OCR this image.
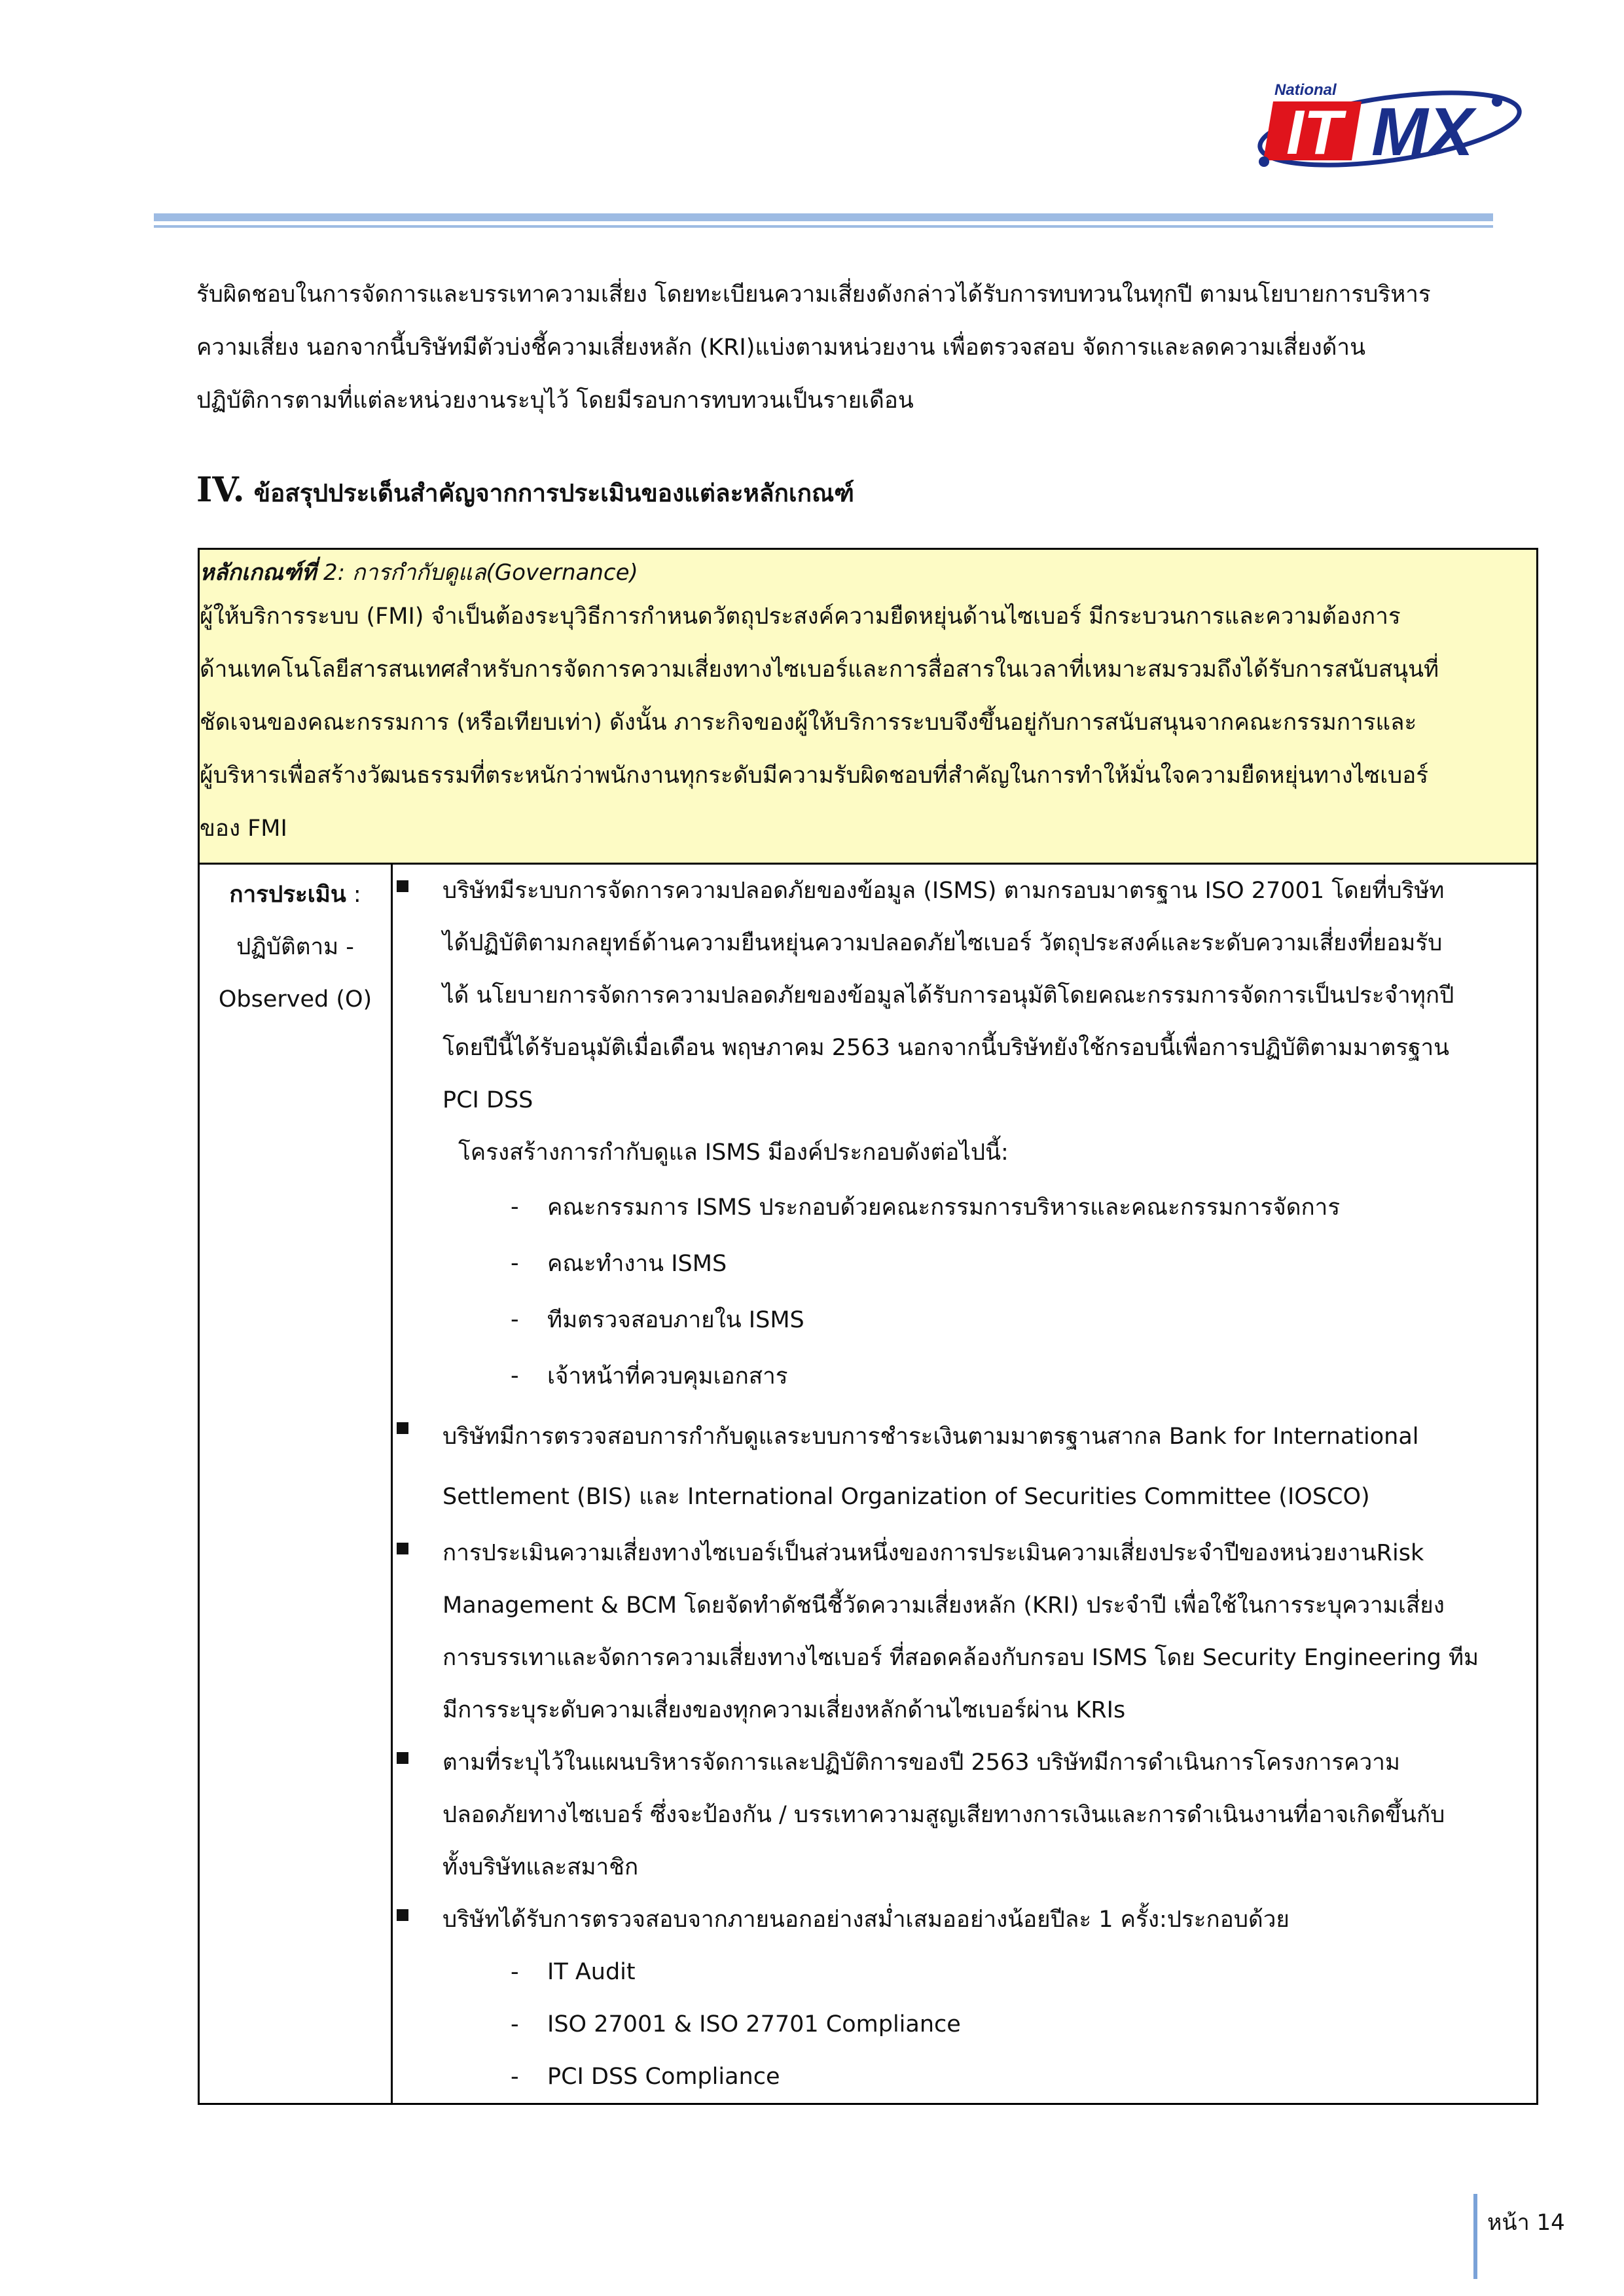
IT MX
National
รับผิดชอบในการจัดการและบรรเทาความเสี่ยง โดยทะเบียนความเสี่ยงดังกล่าวได้รับการทบทวนในทุกปี ตามนโยบายการบริหาร
ความเสี่ยง นอกจากนี้บริษัทมีตัวบ่งชี้ความเสี่ยงหลัก (KRI)แบ่งตามหน่วยงาน เพื่อตรวจสอบ จัดการและลดความเสี่ยงด้าน
ปฏิบัติการตามที่แต่ละหน่วยงานระบุไว้ โดยมีรอบการทบทวนเป็นรายเดือน
IV. ข้อสรุปประเด็นสำคัญจากการประเมินของแต่ละหลักเกณฑ์
หลักเกณฑ์ที่ 2: การกำกับดูแล(Governance)
ผู้ให้บริการระบบ (FMI) จำเป็นต้องระบุวิธีการกำหนดวัตถุประสงค์ความยืดหยุ่นด้านไซเบอร์ มีกระบวนการและความต้องการ
ด้านเทคโนโลยีสารสนเทศสำหรับการจัดการความเสี่ยงทางไซเบอร์และการสื่อสารในเวลาที่เหมาะสมรวมถึงได้รับการสนับสนุนที่
ชัดเจนของคณะกรรมการ (หรือเทียบเท่า) ดังนั้น ภาระกิจของผู้ให้บริการระบบจึงขึ้นอยู่กับการสนับสนุนจากคณะกรรมการและ
ผู้บริหารเพื่อสร้างวัฒนธรรมที่ตระหนักว่าพนักงานทุกระดับมีความรับผิดชอบที่สำคัญในการทำให้มั่นใจความยืดหยุ่นทางไซเบอร์
ของ FMI

การประเมิน :
ปฏิบัติตาม -
Observed (O)

บริษัทมีระบบการจัดการความปลอดภัยของข้อมูล (ISMS) ตามกรอบมาตรฐาน ISO 27001 โดยที่บริษัท
ได้ปฏิบัติตามกลยุทธ์ด้านความยืนหยุ่นความปลอดภัยไซเบอร์ วัตถุประสงค์และระดับความเสี่ยงที่ยอมรับ
ได้ นโยบายการจัดการความปลอดภัยของข้อมูลได้รับการอนุมัติโดยคณะกรรมการจัดการเป็นประจำทุกปี
โดยปีนี้ได้รับอนุมัติเมื่อเดือน พฤษภาคม 2563 นอกจากนี้บริษัทยังใช้กรอบนี้เพื่อการปฏิบัติตามมาตรฐาน
PCI DSS
โครงสร้างการกำกับดูแล ISMS มีองค์ประกอบดังต่อไปนี้:
-	คณะกรรมการ ISMS ประกอบด้วยคณะกรรมการบริหารและคณะกรรมการจัดการ
-	คณะทำงาน ISMS
-	ทีมตรวจสอบภายใน ISMS
-	เจ้าหน้าที่ควบคุมเอกสาร
บริษัทมีการตรวจสอบการกำกับดูแลระบบการชำระเงินตามมาตรฐานสากล Bank for International
Settlement (BIS) และ International Organization of Securities Committee (IOSCO)
การประเมินความเสี่ยงทางไซเบอร์เป็นส่วนหนึ่งของการประเมินความเสี่ยงประจำปีของหน่วยงานRisk
Management & BCM โดยจัดทำดัชนีชี้วัดความเสี่ยงหลัก (KRI) ประจำปี เพื่อใช้ในการระบุความเสี่ยง
การบรรเทาและจัดการความเสี่ยงทางไซเบอร์ ที่สอดคล้องกับกรอบ ISMS โดย Security Engineering ทีม
มีการระบุระดับความเสี่ยงของทุกความเสี่ยงหลักด้านไซเบอร์ผ่าน KRIs
ตามที่ระบุไว้ในแผนบริหารจัดการและปฏิบัติการของปี 2563 บริษัทมีการดำเนินการโครงการความ
ปลอดภัยทางไซเบอร์ ซึ่งจะป้องกัน / บรรเทาความสูญเสียทางการเงินและการดำเนินงานที่อาจเกิดขึ้นกับ
ทั้งบริษัทและสมาชิก
บริษัทได้รับการตรวจสอบจากภายนอกอย่างสม่ำเสมออย่างน้อยปีละ 1 ครั้ง:ประกอบด้วย
-	IT Audit
-	ISO 27001 & ISO 27701 Compliance
-	PCI DSS Compliance
หน้า 14
